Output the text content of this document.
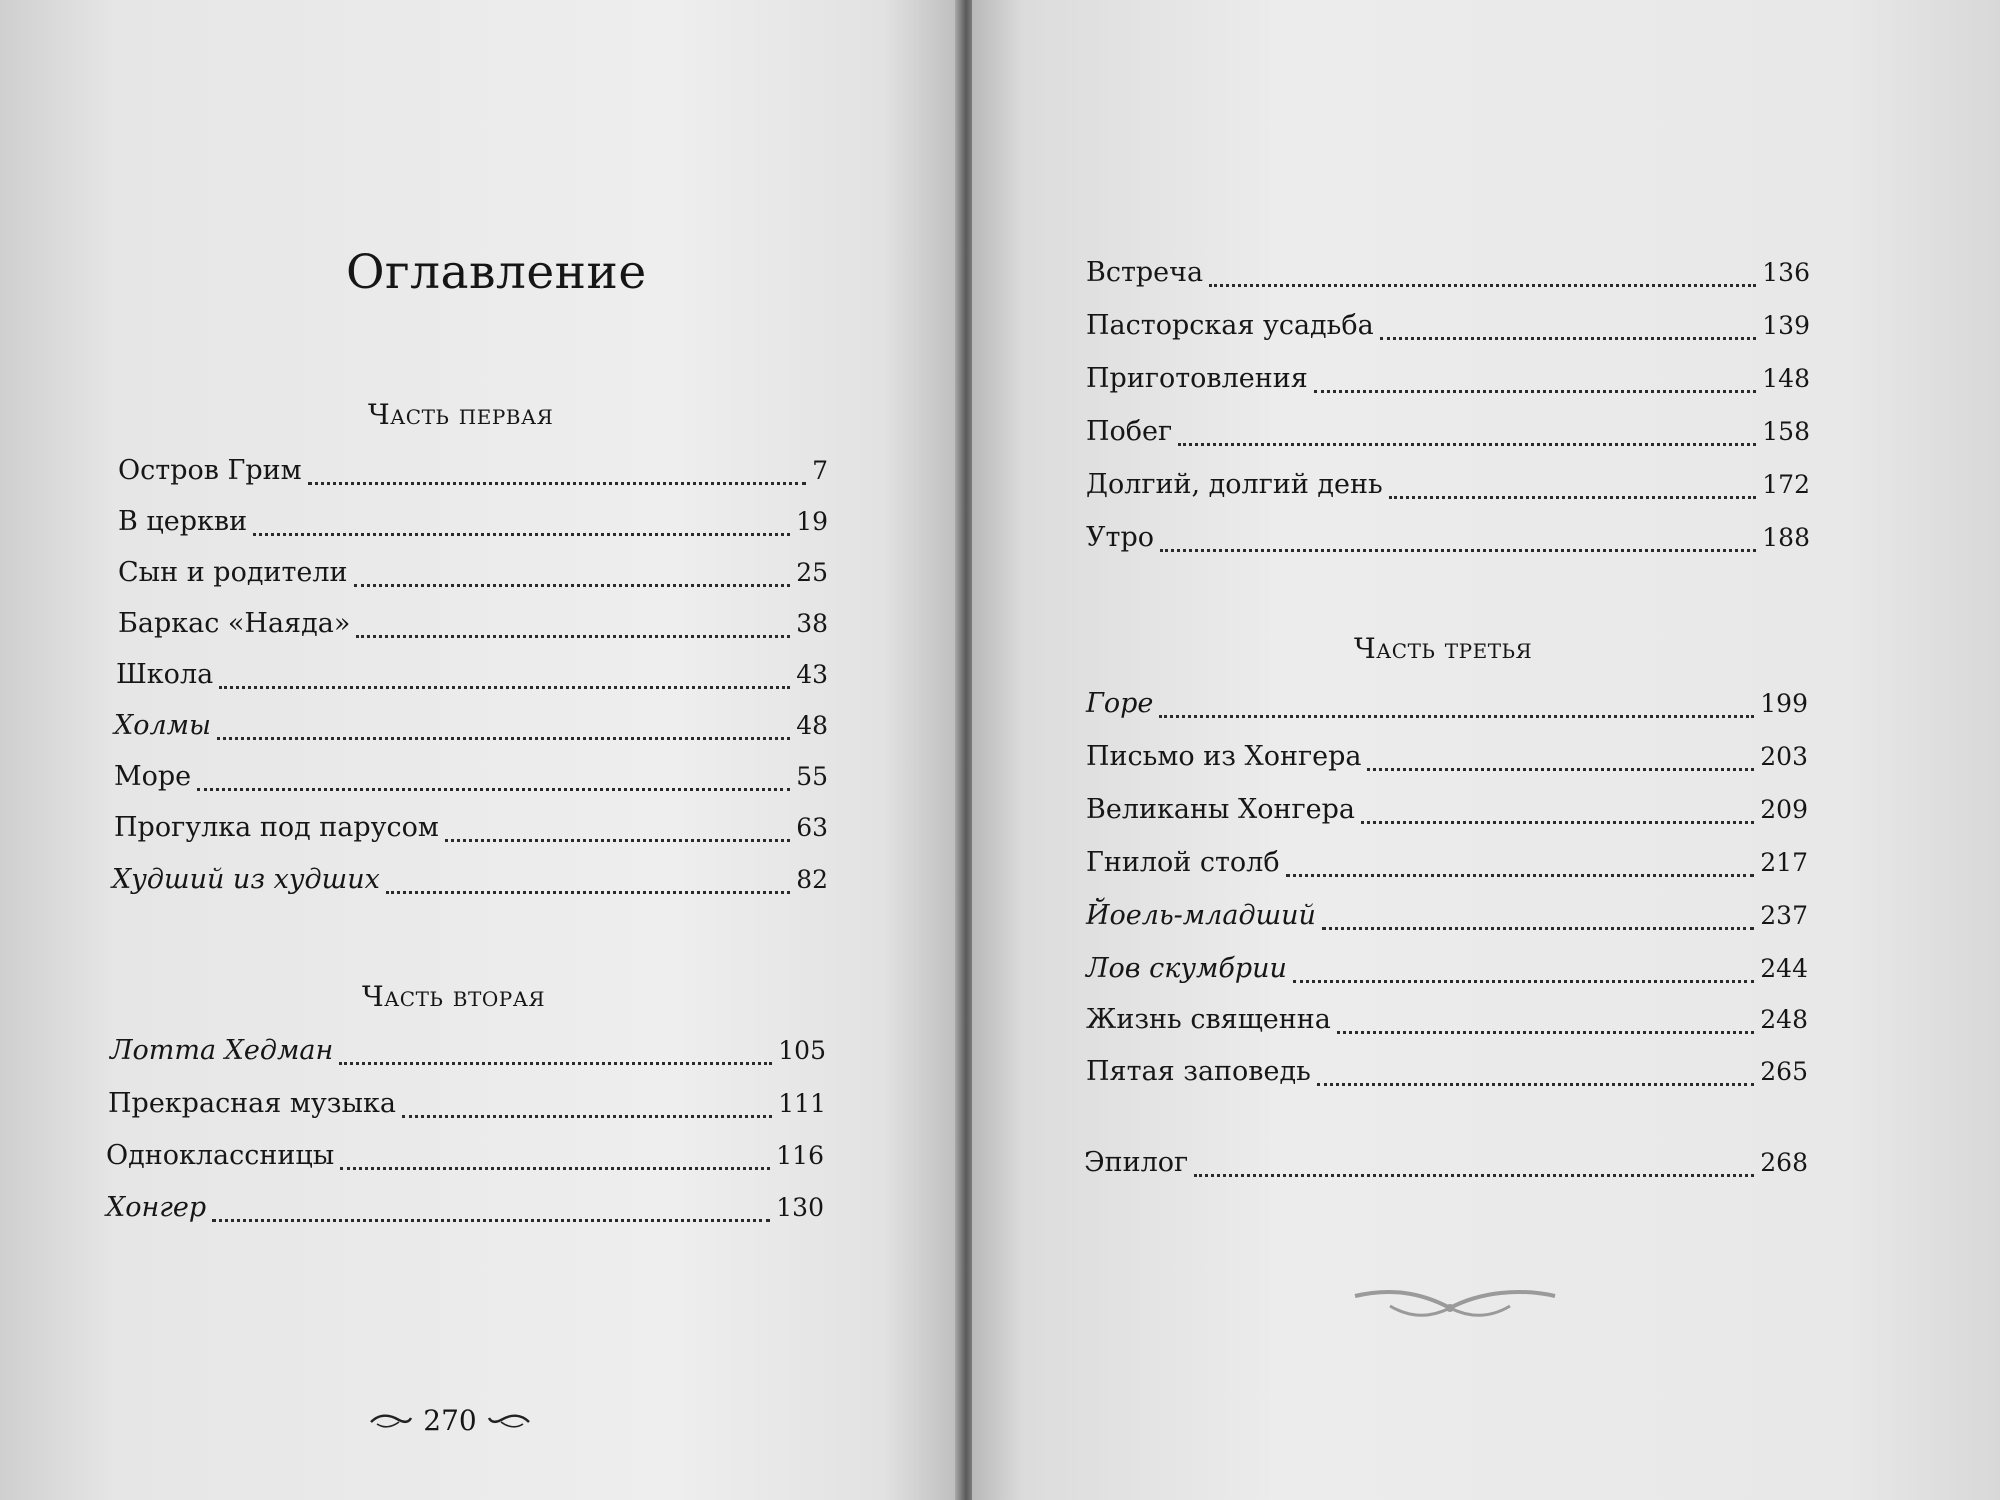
Оглавление
Часть первая
Остров Грим	7
В церкви	19
Сын и родители	25
Баркас «Наяда»	38
Школа	43
Холмы	48
Море	55
Прогулка под парусом	63
Худший из худших	82
Часть вторая
Лотта Хедман	105
Прекрасная музыка	111
Одноклассницы	116
Хонгер	130
270
Встреча	136
Пасторская усадьба	139
Приготовления	148
Побег	158
Долгий, долгий день	172
Утро	188
Часть третья
Горе	199
Письмо из Хонгера	203
Великаны Хонгера	209
Гнилой столб	217
Йоель-младший	237
Лов скумбрии	244
Жизнь священна	248
Пятая заповедь	265
Эпилог	268
